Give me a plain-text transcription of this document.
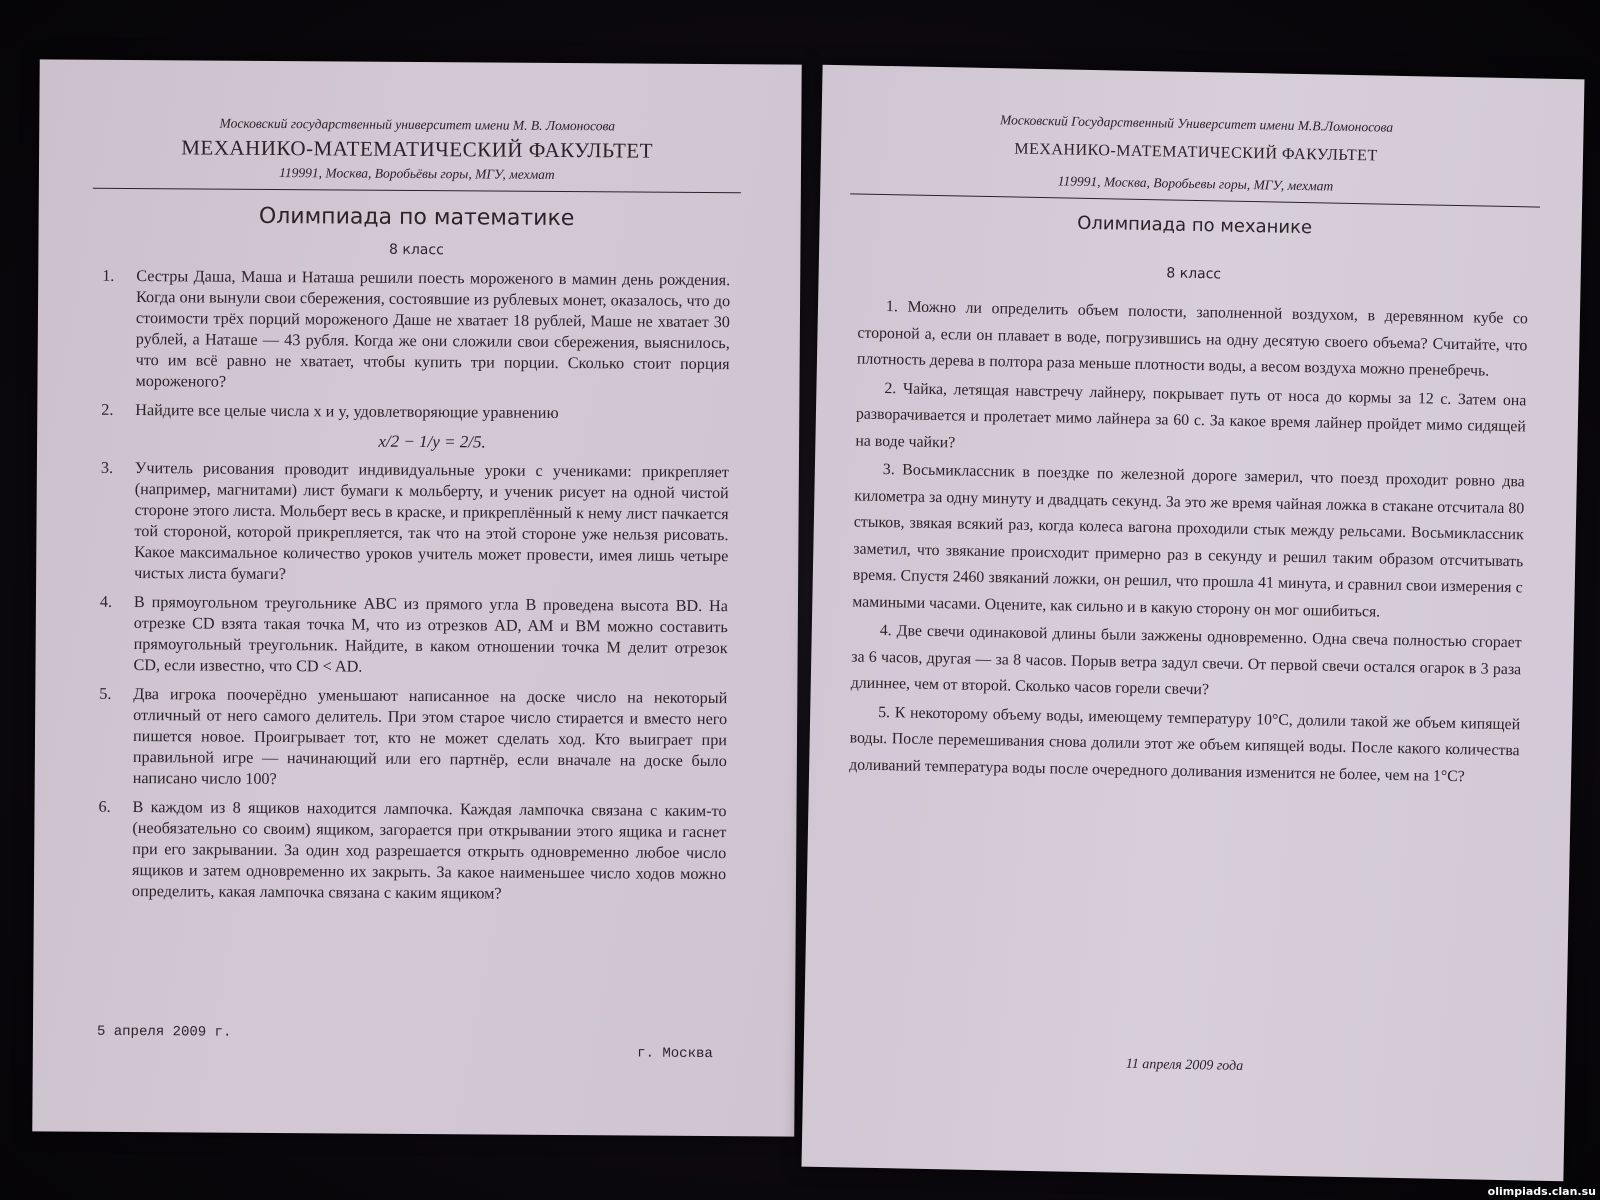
Московский государственный университет имени М. В. Ломоносова
МЕХАНИКО-МАТЕМАТИЧЕСКИЙ ФАКУЛЬТЕТ
119991, Москва, Воробьёвы горы, МГУ, мехмат
Олимпиада по математике
8 класс
1. Сестры Даша, Маша и Наташа решили поесть мороженого в мамин день рождения. Когда они вынули свои сбережения, состоявшие из рублевых монет, оказалось, что до стоимости трёх порций мороженого Даше не хватает 18 рублей, Маше не хватает 30 рублей, а Наташе — 43 рубля. Когда же они сложили свои сбережения, выяснилось, что им всё равно не хватает, чтобы купить три порции. Сколько стоит порция мороженого?
2. Найдите все целые числа x и y, удовлетворяющие уравнению
x/2 − 1/y = 2/5.
3. Учитель рисования проводит индивидуальные уроки с учениками: прикрепляет (например, магнитами) лист бумаги к мольберту, и ученик рисует на одной чистой стороне этого листа. Мольберт весь в краске, и прикреплённый к нему лист пачкается той стороной, которой прикрепляется, так что на этой стороне уже нельзя рисовать. Какое максимальное количество уроков учитель может провести, имея лишь четыре чистых листа бумаги?
4. В прямоугольном треугольнике ABC из прямого угла B проведена высота BD. На отрезке CD взята такая точка M, что из отрезков AD, AM и BM можно составить прямоугольный треугольник. Найдите, в каком отношении точка M делит отрезок CD, если известно, что CD < AD.
5. Два игрока поочерёдно уменьшают написанное на доске число на некоторый отличный от него самого делитель. При этом старое число стирается и вместо него пишется новое. Проигрывает тот, кто не может сделать ход. Кто выиграет при правильной игре — начинающий или его партнёр, если вначале на доске было написано число 100?
6. В каждом из 8 ящиков находится лампочка. Каждая лампочка связана с каким-то (необязательно со своим) ящиком, загорается при открывании этого ящика и гаснет при его закрывании. За один ход разрешается открыть одновременно любое число ящиков и затем одновременно их закрыть. За какое наименьшее число ходов можно определить, какая лампочка связана с каким ящиком?
5 апреля 2009 г.
г. Москва
Московский Государственный Университет имени М.В.Ломоносова
МЕХАНИКО-МАТЕМАТИЧЕСКИЙ ФАКУЛЬТЕТ
119991, Москва, Воробьевы горы, МГУ, мехмат
Олимпиада по механике
8 класс
1. Можно ли определить объем полости, заполненной воздухом, в деревянном кубе со стороной a, если он плавает в воде, погрузившись на одну десятую своего объема? Считайте, что плотность дерева в полтора раза меньше плотности воды, а весом воздуха можно пренебречь.
2. Чайка, летящая навстречу лайнеру, покрывает путь от носа до кормы за 12 с. Затем она разворачивается и пролетает мимо лайнера за 60 с. За какое время лайнер пройдет мимо сидящей на воде чайки?
3. Восьмиклассник в поездке по железной дороге замерил, что поезд проходит ровно два километра за одну минуту и двадцать секунд. За это же время чайная ложка в стакане отсчитала 80 стыков, звякая всякий раз, когда колеса вагона проходили стык между рельсами. Восьмиклассник заметил, что звякание происходит примерно раз в секунду и решил таким образом отсчитывать время. Спустя 2460 звяканий ложки, он решил, что прошла 41 минута, и сравнил свои измерения с мамиными часами. Оцените, как сильно и в какую сторону он мог ошибиться.
4. Две свечи одинаковой длины были зажжены одновременно. Одна свеча полностью сгорает за 6 часов, другая — за 8 часов. Порыв ветра задул свечи. От первой свечи остался огарок в 3 раза длиннее, чем от второй. Сколько часов горели свечи?
5. К некоторому объему воды, имеющему температуру 10°C, долили такой же объем кипящей воды. После перемешивания снова долили этот же объем кипящей воды. После какого количества доливаний температура воды после очередного доливания изменится не более, чем на 1°C?
11 апреля 2009 года
olimpiads.clan.su
